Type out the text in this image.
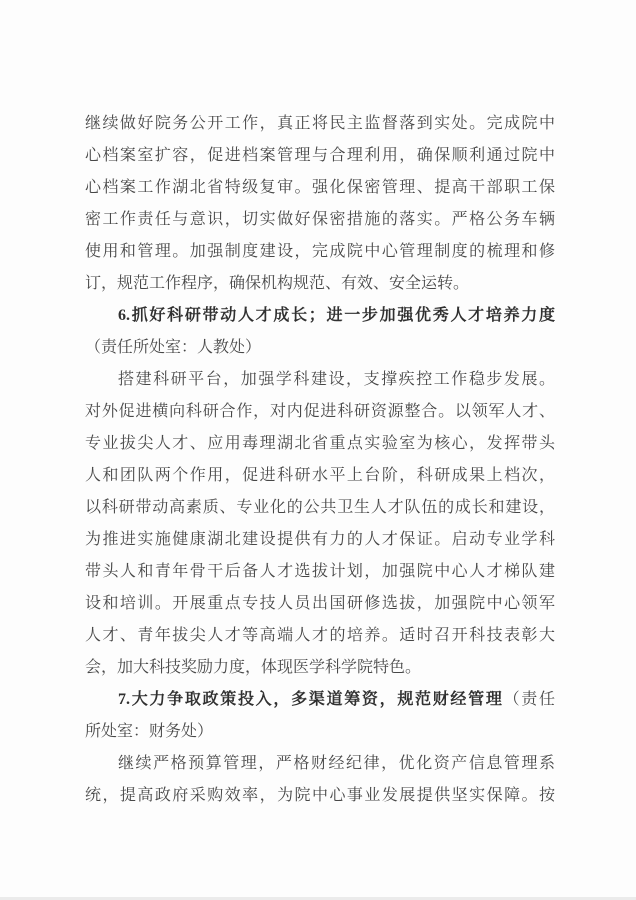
继续做好院务公开工作，真正将民主监督落到实处。完成院中
心档案室扩容，促进档案管理与合理利用，确保顺利通过院中
心档案工作湖北省特级复审。强化保密管理、提高干部职工保
密工作责任与意识，切实做好保密措施的落实。严格公务车辆
使用和管理。加强制度建设，完成院中心管理制度的梳理和修
订，规范工作程序，确保机构规范、有效、安全运转。
6.抓好科研带动人才成长；进一步加强优秀人才培养力度
（责任所处室：人教处）
搭建科研平台，加强学科建设，支撑疾控工作稳步发展。
对外促进横向科研合作，对内促进科研资源整合。以领军人才、
专业拔尖人才、应用毒理湖北省重点实验室为核心，发挥带头
人和团队两个作用，促进科研水平上台阶，科研成果上档次，
以科研带动高素质、专业化的公共卫生人才队伍的成长和建设，
为推进实施健康湖北建设提供有力的人才保证。启动专业学科
带头人和青年骨干后备人才选拔计划，加强院中心人才梯队建
设和培训。开展重点专技人员出国研修选拔，加强院中心领军
人才、青年拔尖人才等高端人才的培养。适时召开科技表彰大
会，加大科技奖励力度，体现医学科学院特色。
7.大力争取政策投入，多渠道筹资，规范财经管理（责任
所处室：财务处）
继续严格预算管理，严格财经纪律，优化资产信息管理系
统，提高政府采购效率，为院中心事业发展提供坚实保障。按
